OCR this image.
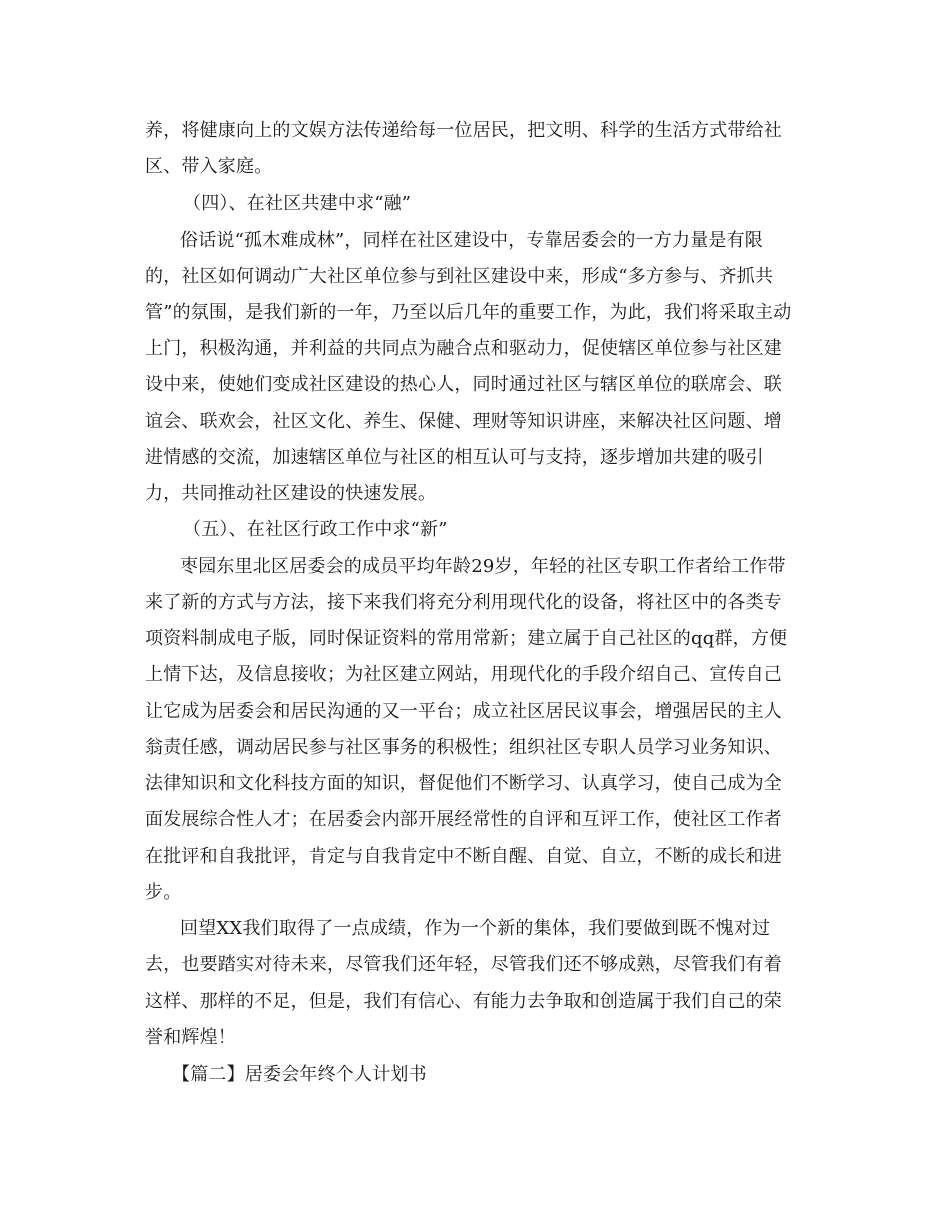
养，将健康向上的文娱方法传递给每一位居民，把文明、科学的生活方式带给社
区、带入家庭。
（四）、在社区共建中求“融”
俗话说“孤木难成林”，同样在社区建设中，专靠居委会的一方力量是有限
的，社区如何调动广大社区单位参与到社区建设中来，形成“多方参与、齐抓共
管”的氛围，是我们新的一年，乃至以后几年的重要工作，为此，我们将采取主动
上门，积极沟通，并利益的共同点为融合点和驱动力，促使辖区单位参与社区建
设中来，使她们变成社区建设的热心人，同时通过社区与辖区单位的联席会、联
谊会、联欢会，社区文化、养生、保健、理财等知识讲座，来解决社区问题、增
进情感的交流，加速辖区单位与社区的相互认可与支持，逐步增加共建的吸引
力，共同推动社区建设的快速发展。
（五）、在社区行政工作中求“新”
枣园东里北区居委会的成员平均年龄29岁，年轻的社区专职工作者给工作带
来了新的方式与方法，接下来我们将充分利用现代化的设备，将社区中的各类专
项资料制成电子版，同时保证资料的常用常新；建立属于自己社区的qq群，方便
上情下达，及信息接收；为社区建立网站，用现代化的手段介绍自己、宣传自己
让它成为居委会和居民沟通的又一平台；成立社区居民议事会，增强居民的主人
翁责任感，调动居民参与社区事务的积极性；组织社区专职人员学习业务知识、
法律知识和文化科技方面的知识，督促他们不断学习、认真学习，使自己成为全
面发展综合性人才；在居委会内部开展经常性的自评和互评工作，使社区工作者
在批评和自我批评，肯定与自我肯定中不断自醒、自觉、自立，不断的成长和进
步。
回望XX我们取得了一点成绩，作为一个新的集体，我们要做到既不愧对过
去，也要踏实对待未来，尽管我们还年轻，尽管我们还不够成熟，尽管我们有着
这样、那样的不足，但是，我们有信心、有能力去争取和创造属于我们自己的荣
誉和辉煌！
【篇二】居委会年终个人计划书
